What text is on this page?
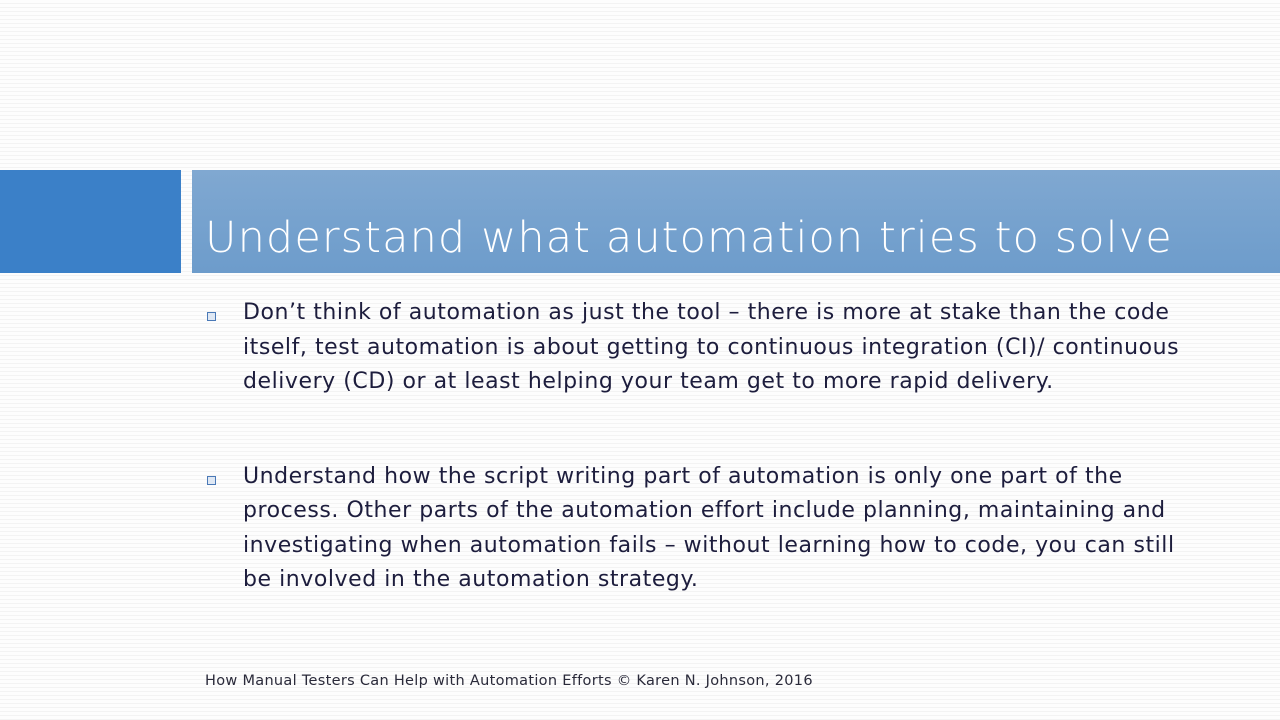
Understand what automation tries to solve
Don’t think of automation as just the tool – there is more at stake than the code itself, test automation is about getting to continuous integration (CI)/ continuous delivery (CD) or at least helping your team get to more rapid delivery.
Understand how the script writing part of automation is only one part of the process. Other parts of the automation effort include planning, maintaining and investigating when automation fails – without learning how to code, you can still be involved in the automation strategy.
How Manual Testers Can Help with Automation Efforts © Karen N. Johnson, 2016
